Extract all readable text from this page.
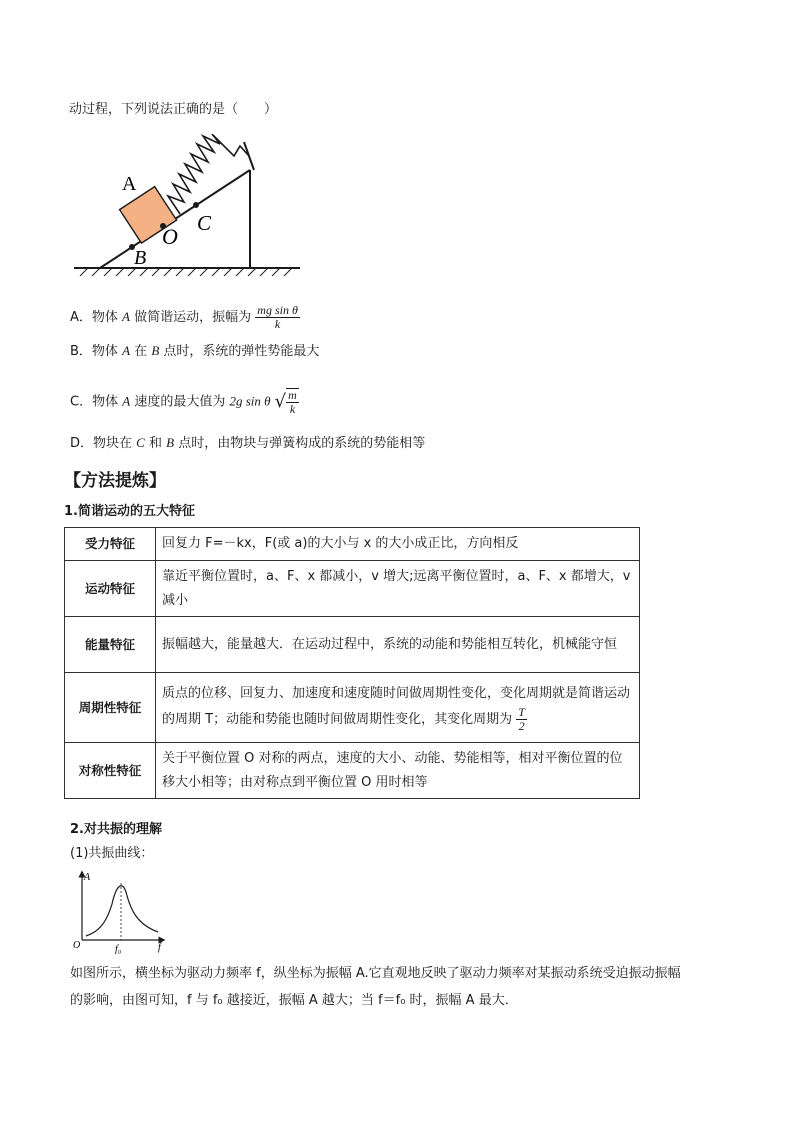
动过程，下列说法正确的是（　　）
A
B
O
C
A．物体 A 做简谐运动，振幅为 $\frac{\text{mg sin θ}}{k}$
B．物体 A 在 B 点时，系统的弹性势能最大
C．物体 A 速度的最大值为 2g sin θ √ $\frac{m}{k}$
D．物块在 C 和 B 点时，由物块与弹簧构成的系统的势能相等
【方法提炼】
1.简谐运动的五大特征
受力特征	回复力 F=－kx，F(或 a)的大小与 x 的大小成正比，方向相反
运动特征	靠近平衡位置时，a、F、x 都减小，v 增大;远离平衡位置时，a、F、x 都增大，v 减小
能量特征	振幅越大，能量越大．在运动过程中，系统的动能和势能相互转化，机械能守恒
周期性特征	质点的位移、回复力、加速度和速度随时间做周期性变化，变化周期就是简谐运动的周期 T；动能和势能也随时间做周期性变化，其变化周期为 $\frac{T}{2}$

对称性特征	关于平衡位置 O 对称的两点，速度的大小、动能、势能相等，相对平衡位置的位移大小相等；由对称点到平衡位置 O 用时相等
2.对共振的理解
(1)共振曲线：
A
O	f₀	f
如图所示，横坐标为驱动力频率 f，纵坐标为振幅 A.它直观地反映了驱动力频率对某振动系统受迫振动振幅
的影响，由图可知，f 与 f₀ 越接近，振幅 A 越大；当 f＝f₀ 时，振幅 A 最大．
